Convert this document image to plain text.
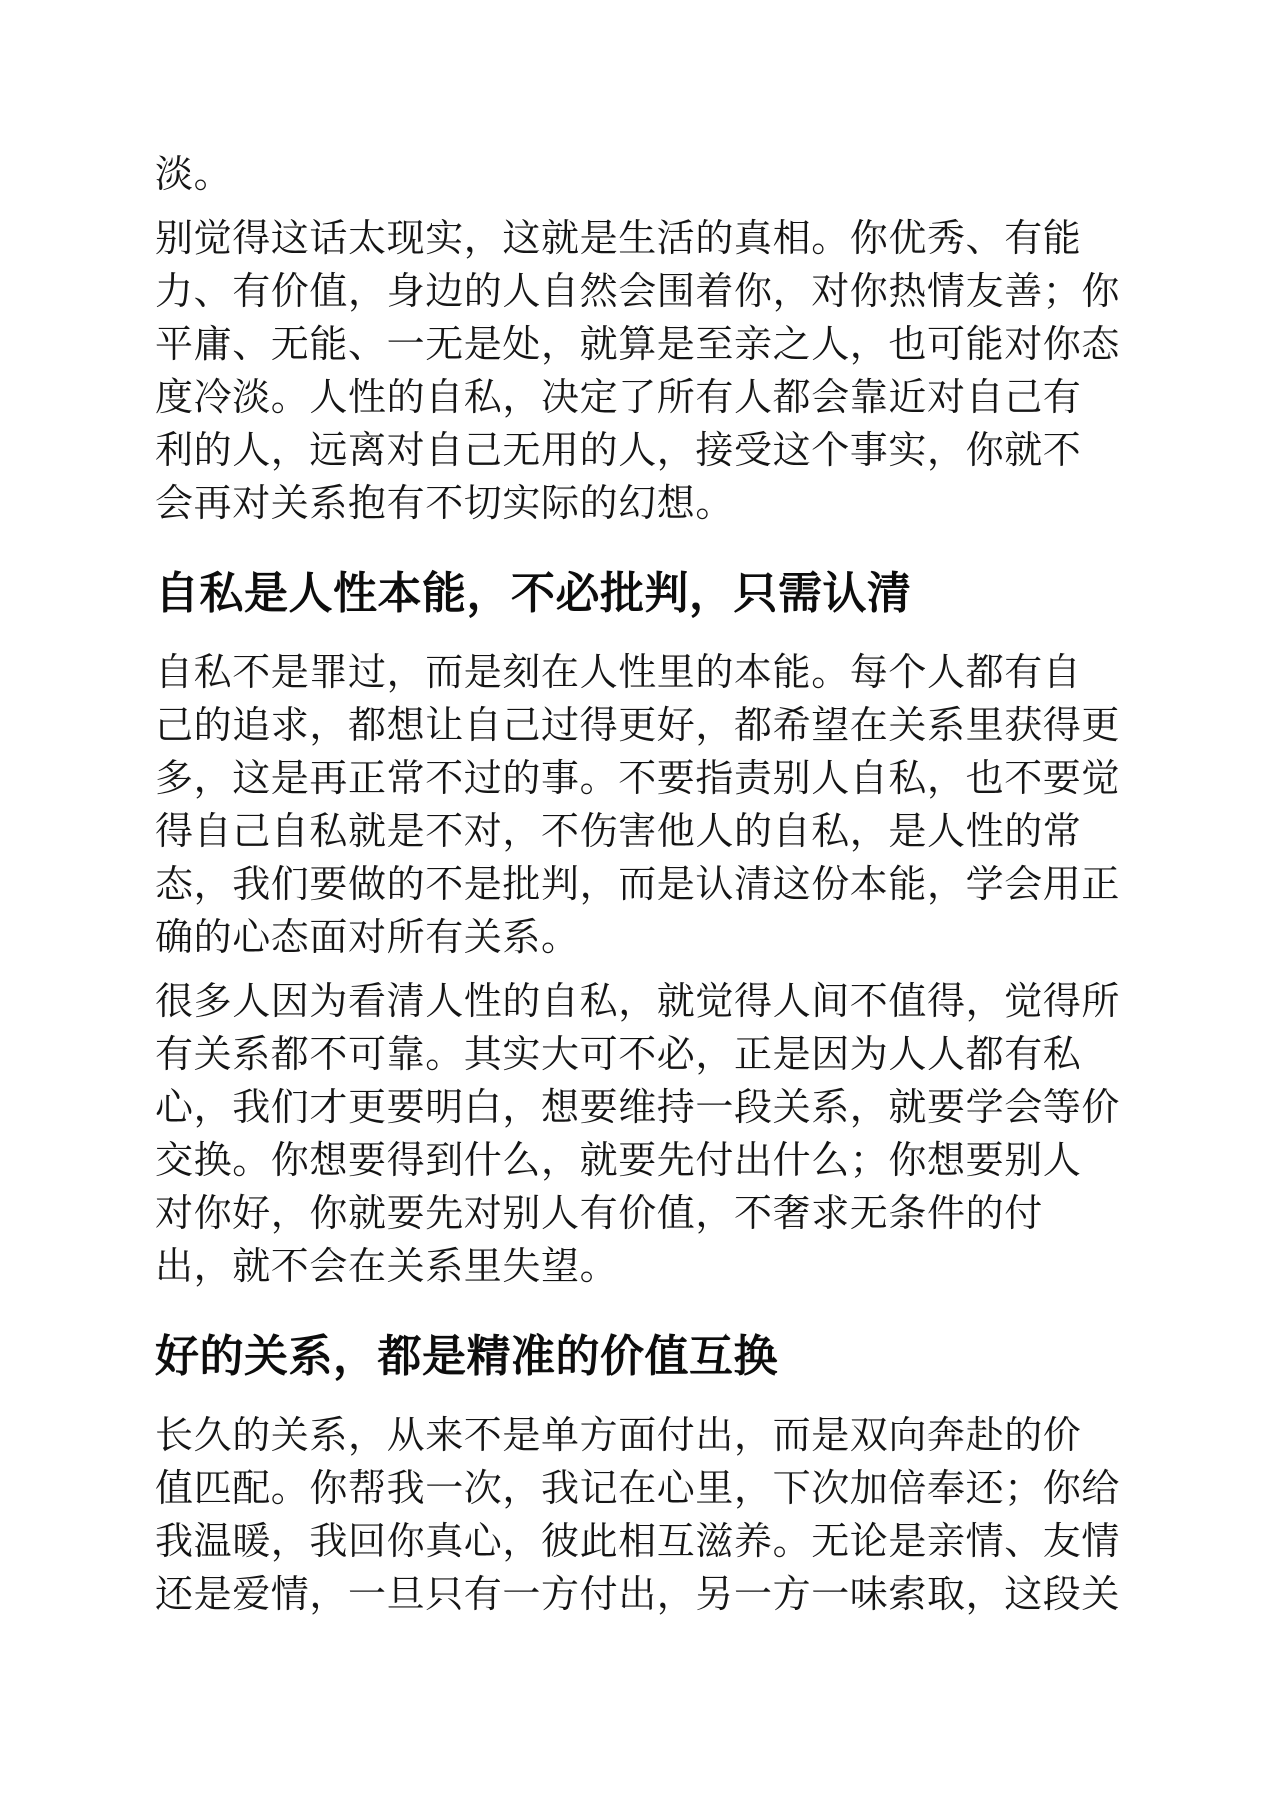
淡。

别觉得这话太现实，这就是生活的真相。你优秀、有能
力、有价值，身边的人自然会围着你，对你热情友善；你
平庸、无能、一无是处，就算是至亲之人，也可能对你态
度冷淡。人性的自私，决定了所有人都会靠近对自己有
利的人，远离对自己无用的人，接受这个事实，你就不
会再对关系抱有不切实际的幻想。

自私是人性本能，不必批判，只需认清

自私不是罪过，而是刻在人性里的本能。每个人都有自
己的追求，都想让自己过得更好，都希望在关系里获得更
多，这是再正常不过的事。不要指责别人自私，也不要觉
得自己自私就是不对，不伤害他人的自私，是人性的常
态，我们要做的不是批判，而是认清这份本能，学会用正
确的心态面对所有关系。

很多人因为看清人性的自私，就觉得人间不值得，觉得所
有关系都不可靠。其实大可不必，正是因为人人都有私
心，我们才更要明白，想要维持一段关系，就要学会等价
交换。你想要得到什么，就要先付出什么；你想要别人
对你好，你就要先对别人有价值，不奢求无条件的付
出，就不会在关系里失望。

好的关系，都是精准的价值互换

长久的关系，从来不是单方面付出，而是双向奔赴的价
值匹配。你帮我一次，我记在心里，下次加倍奉还；你给
我温暖，我回你真心，彼此相互滋养。无论是亲情、友情
还是爱情，一旦只有一方付出，另一方一味索取，这段关
